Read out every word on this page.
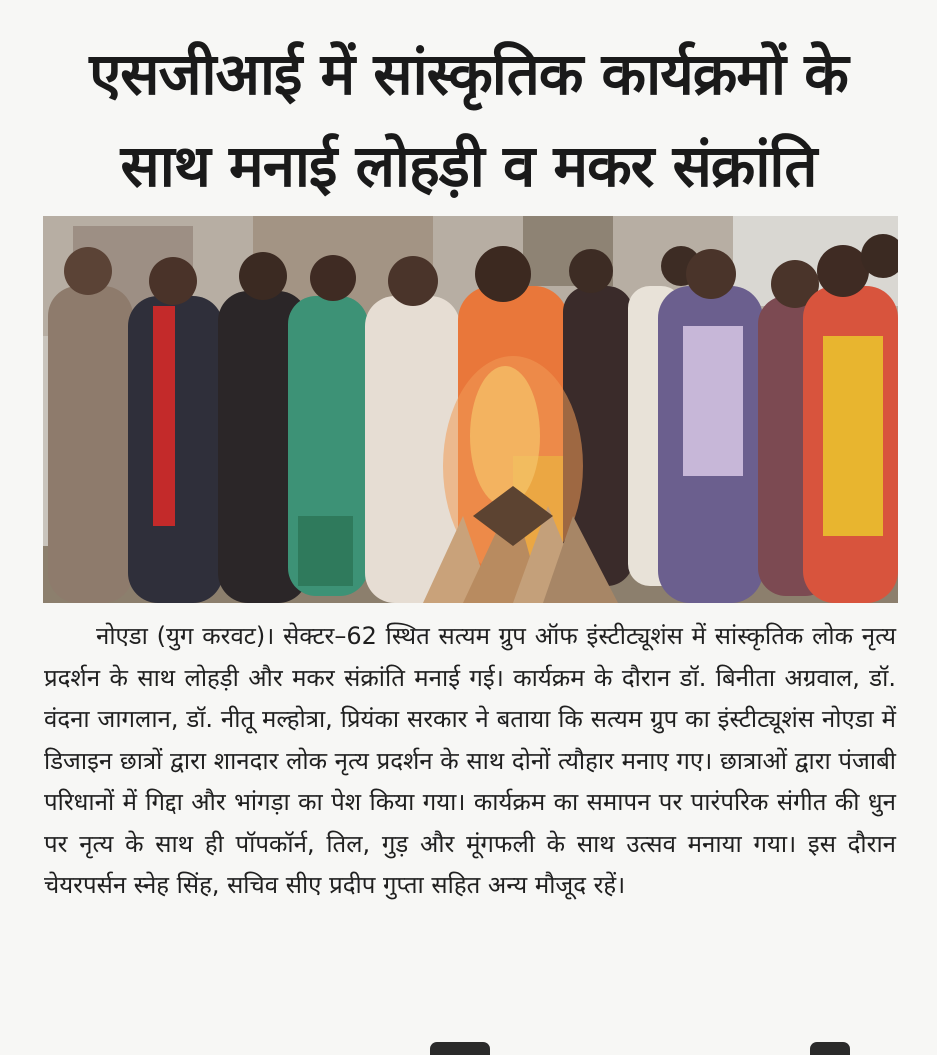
एसजीआई में सांस्कृतिक कार्यक्रमों के
साथ मनाई लोहड़ी व मकर संक्रांति

नोएडा (युग करवट)। सेक्टर–62 स्थित सत्यम ग्रुप ऑफ इंस्टीट्यूशंस में सांस्कृतिक लोक नृत्य प्रदर्शन के साथ लोहड़ी और मकर संक्रांति मनाई गई। कार्यक्रम के दौरान डॉ. बिनीता अग्रवाल, डॉ. वंदना जागलान, डॉ. नीतू मल्होत्रा, प्रियंका सरकार ने बताया कि सत्यम ग्रुप का इंस्टीट्यूशंस नोएडा में डिजाइन छात्रों द्वारा शानदार लोक नृत्य प्रदर्शन के साथ दोनों त्यौहार मनाए गए। छात्राओं द्वारा पंजाबी परिधानों में गिद्दा और भांगड़ा का पेश किया गया। कार्यक्रम का समापन पर पारंपरिक संगीत की धुन पर नृत्य के साथ ही पॉपकॉर्न, तिल, गुड़ और मूंगफली के साथ उत्सव मनाया गया। इस दौरान चेयरपर्सन स्नेह सिंह, सचिव सीए प्रदीप गुप्ता सहित अन्य मौजूद रहें।
